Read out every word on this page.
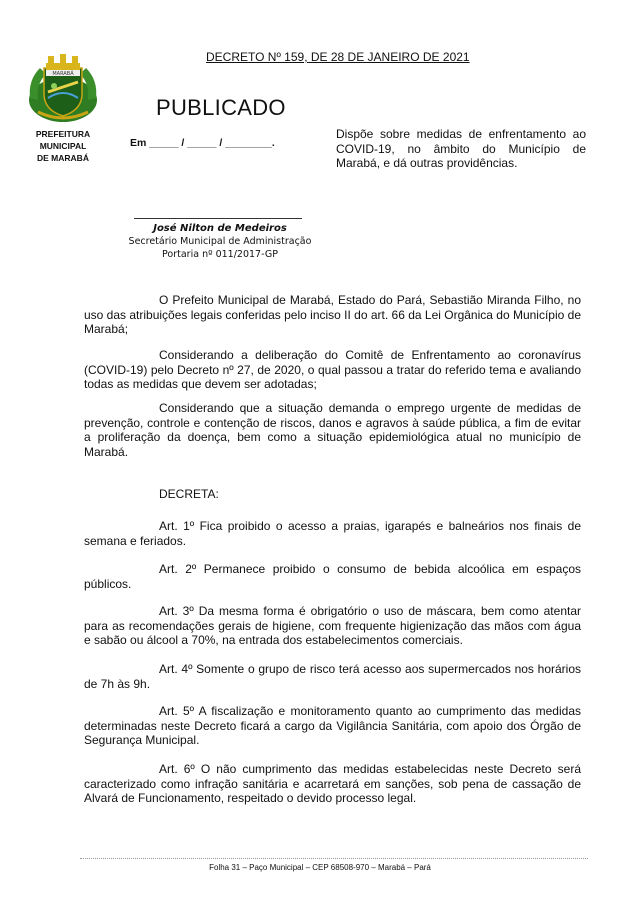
MARABÁ
PREFEITURA
MUNICIPAL
DE MARABÁ
DECRETO Nº 159, DE 28 DE JANEIRO DE 2021
PUBLICADO
Em _____ / _____ / ________.
Dispõe sobre medidas de enfrentamento ao COVID-19, no âmbito do Município de Marabá, e dá outras providências.
José Nilton de Medeiros
Secretário Municipal de Administração
Portaria nº 011/2017-GP

O Prefeito Municipal de Marabá, Estado do Pará, Sebastião Miranda Filho, no uso das atribuições legais conferidas pelo inciso II do art. 66 da Lei Orgânica do Município de Marabá;

Considerando a deliberação do Comitê de Enfrentamento ao coronavírus (COVID-19) pelo Decreto nº 27, de 2020, o qual passou a tratar do referido tema e avaliando todas as medidas que devem ser adotadas;

Considerando que a situação demanda o emprego urgente de medidas de prevenção, controle e contenção de riscos, danos e agravos à saúde pública, a fim de evitar a proliferação da doença, bem como a situação epidemiológica atual no município de Marabá.

DECRETA:

Art. 1º Fica proibido o acesso a praias, igarapés e balneários nos finais de semana e feriados.

Art. 2º Permanece proibido o consumo de bebida alcoólica em espaços públicos.

Art. 3º Da mesma forma é obrigatório o uso de máscara, bem como atentar para as recomendações gerais de higiene, com frequente higienização das mãos com água e sabão ou álcool a 70%, na entrada dos estabelecimentos comerciais.

Art. 4º Somente o grupo de risco terá acesso aos supermercados nos horários de 7h às 9h.

Art. 5º A fiscalização e monitoramento quanto ao cumprimento das medidas determinadas neste Decreto ficará a cargo da Vigilância Sanitária, com apoio dos Órgão de Segurança Municipal.

Art. 6º O não cumprimento das medidas estabelecidas neste Decreto será caracterizado como infração sanitária e acarretará em sanções, sob pena de cassação de Alvará de Funcionamento, respeitado o devido processo legal.

Folha 31 – Paço Municipal – CEP 68508-970 – Marabá – Pará
